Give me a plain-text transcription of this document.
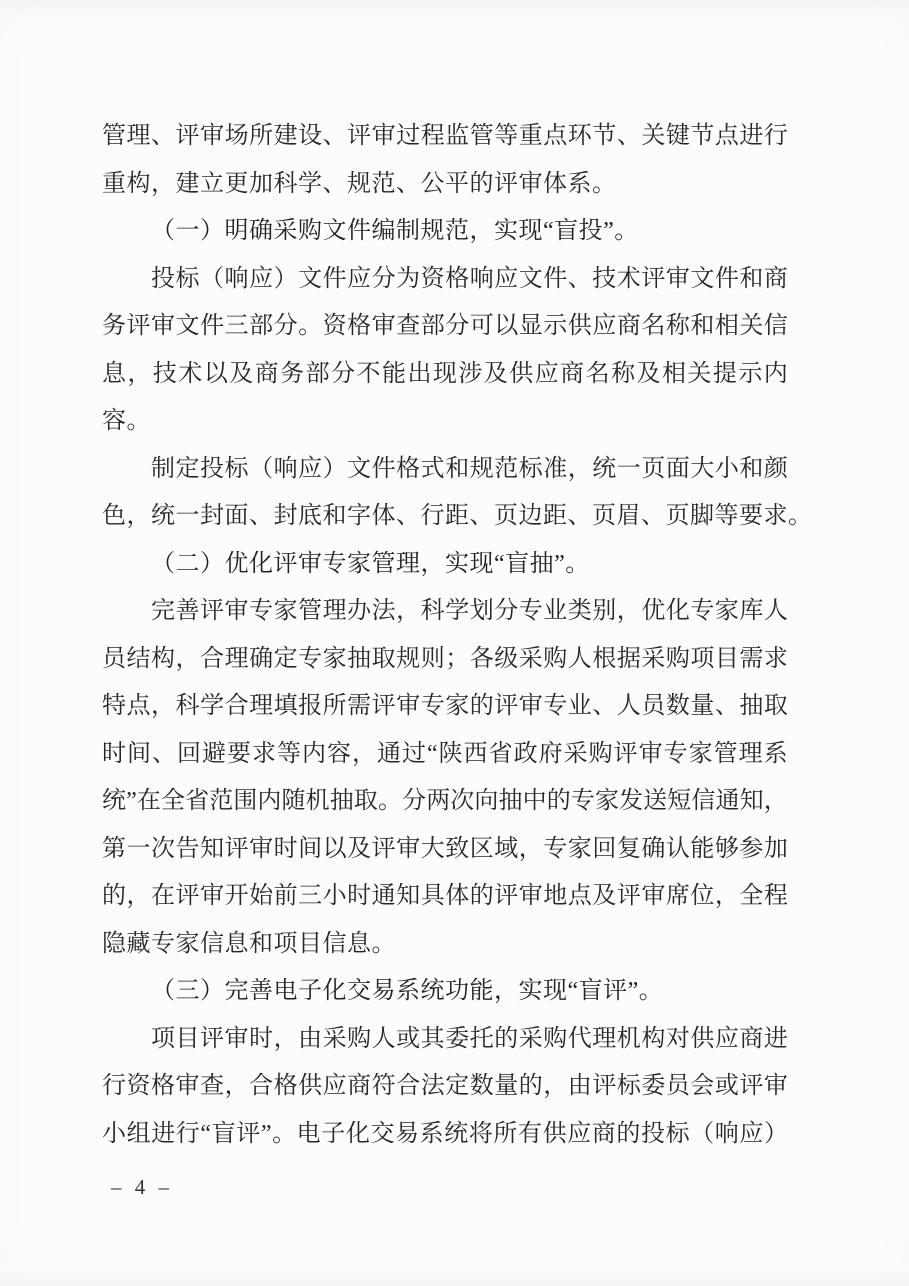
管 理 、 评 审 场 所 建 设 、 评 审 过 程 监 管 等 重 点 环 节 、 关 键 节 点 进 行
重构，建立更加科学、规范、公平的评审体系。
（一）明确采购文件编制规范，实现“盲投”。
投 标 （ 响 应 ） 文 件 应 分 为 资 格 响 应 文 件 、 技 术 评 审 文 件 和 商
务 评 审 文 件 三 部 分 。 资 格 审 查 部 分 可 以 显 示 供 应 商 名 称 和 相 关 信
息 ， 技 术 以 及 商 务 部 分 不 能 出 现 涉 及 供 应 商 名 称 及 相 关 提 示 内
容。
制 定 投 标 （ 响 应 ） 文 件 格 式 和 规 范 标 准 ， 统 一 页 面 大 小 和 颜
色，统一封面、封底和字体、行距、页边距、页眉、页脚等要求。
（二）优化评审专家管理，实现“盲抽”。
完 善 评 审 专 家 管 理 办 法 ， 科 学 划 分 专 业 类 别 ， 优 化 专 家 库 人
员 结 构 ， 合 理 确 定 专 家 抽 取 规 则 ； 各 级 采 购 人 根 据 采 购 项 目 需 求
特 点 ， 科 学 合 理 填 报 所 需 评 审 专 家 的 评 审 专 业 、 人 员 数 量 、 抽 取
时 间 、 回 避 要 求 等 内 容 ， 通 过 “ 陕 西 省 政 府 采 购 评 审 专 家 管 理 系
统 ” 在 全 省 范 围 内 随 机 抽 取 。 分 两 次 向 抽 中 的 专 家 发 送 短 信 通 知 ，
第 一 次 告 知 评 审 时 间 以 及 评 审 大 致 区 域 ， 专 家 回 复 确 认 能 够 参 加
的 ， 在 评 审 开 始 前 三 小 时 通 知 具 体 的 评 审 地 点 及 评 审 席 位 ， 全 程
隐藏专家信息和项目信息。
（三）完善电子化交易系统功能，实现“盲评”。
项 目 评 审 时 ， 由 采 购 人 或 其 委 托 的 采 购 代 理 机 构 对 供 应 商 进
行 资 格 审 查 ， 合 格 供 应 商 符 合 法 定 数 量 的 ， 由 评 标 委 员 会 或 评 审
小 组 进 行 “ 盲 评 ” 。 电 子 化 交 易 系 统 将 所 有 供 应 商 的 投 标 （ 响 应 ）
– 4 –
